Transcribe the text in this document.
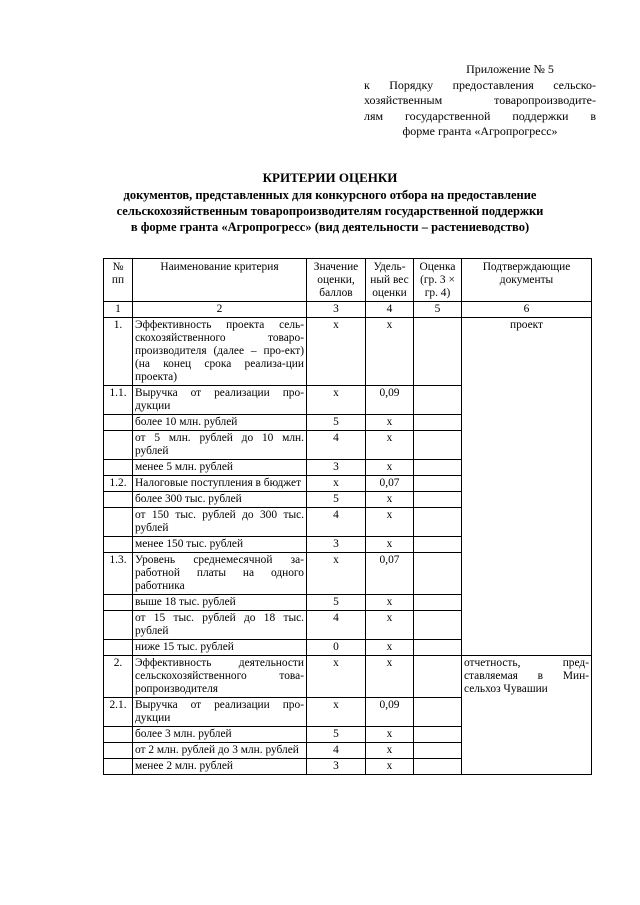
Приложение № 5
к Порядку предоставления сельско-
хозяйственным товаропроизводите-
лям государственной поддержки в
форме гранта «Агропрогресс»
КРИТЕРИИ ОЦЕНКИ
документов, представленных для конкурсного отбора на предоставление
сельскохозяйственным товаропроизводителям государственной поддержки
в форме гранта «Агропрогресс» (вид деятельности – растениеводство)
№ пп	Наименование критерия	Значение оценки, баллов	Удель-ный вес оценки	Оценка (гр. 3 × гр. 4)	Подтверждающие документы
1	2	3	4	5	6
1.	Эффективность проекта сель-скохозяйственного товаро-производителя (далее – про-ект) (на конец срока реализа-ции проекта)	х	х		проект
1.1.	Выручка от реализации про-дукции	х	0,09		
	более 10 млн. рублей	5	х		
	от 5 млн. рублей до 10 млн. рублей	4	х		
	менее 5 млн. рублей	3	х		
1.2.	Налоговые поступления в бюджет	х	0,07		
	более 300 тыс. рублей	5	х		
	от 150 тыс. рублей до 300 тыс. рублей	4	х		
	менее 150 тыс. рублей	3	х		
1.3.	Уровень среднемесячной за-работной платы на одного работника	х	0,07		
	выше 18 тыс. рублей	5	х		
	от 15 тыс. рублей до 18 тыс. рублей	4	х		
	ниже 15 тыс. рублей	0	х		
2.	Эффективность деятельности сельскохозяйственного това-ропроизводителя	х	х		отчетность, пред-ставляемая в Мин-сельхоз Чувашии
2.1.	Выручка от реализации про-дукции	х	0,09		
	более 3 млн. рублей	5	х		
	от 2 млн. рублей до 3 млн. рублей	4	х		
	менее 2 млн. рублей	3	х		
